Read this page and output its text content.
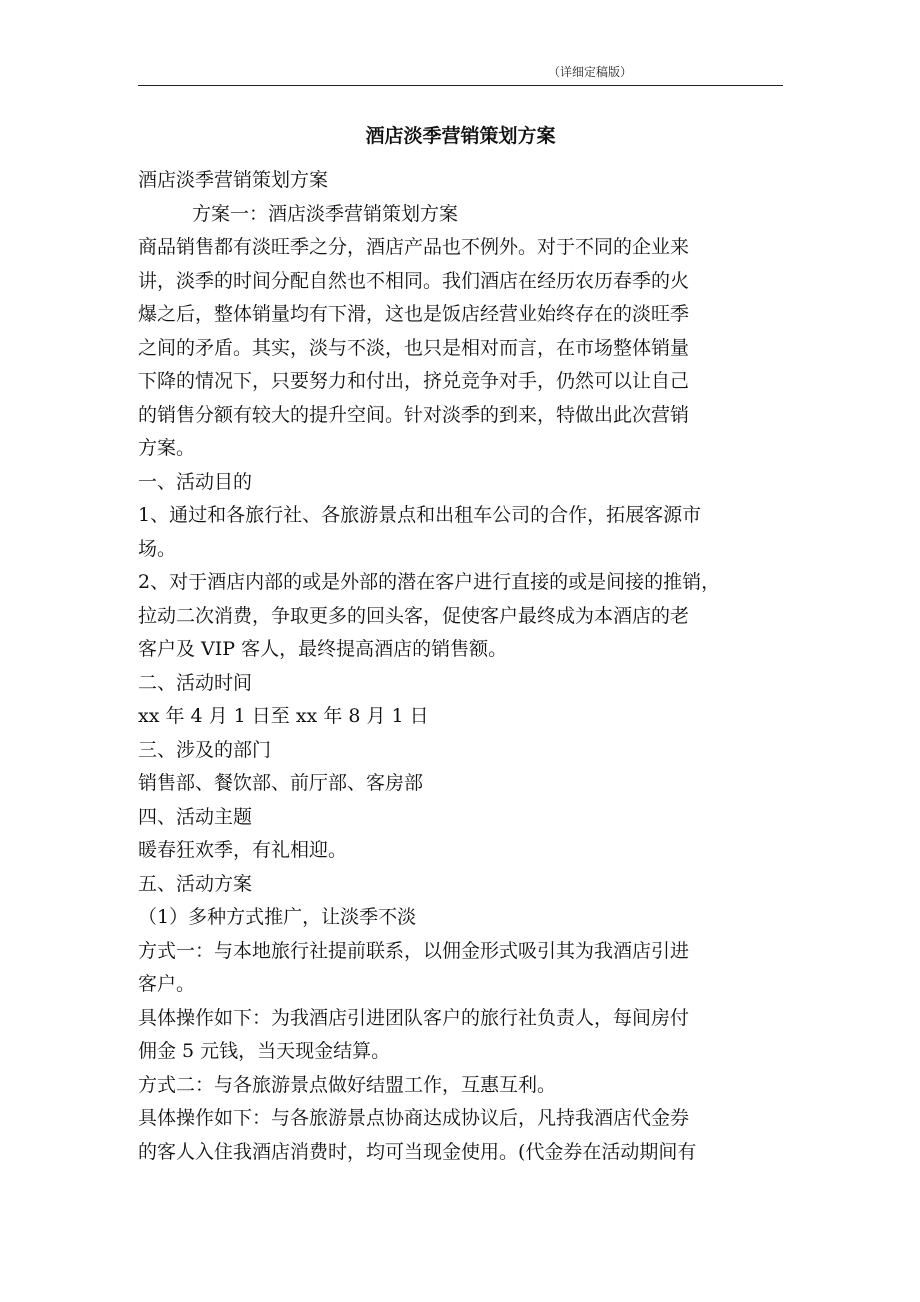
（详细定稿版）
酒店淡季营销策划方案

酒店淡季营销策划方案

方案一：酒店淡季营销策划方案

商品销售都有淡旺季之分，酒店产品也不例外。对于不同的企业来

讲，淡季的时间分配自然也不相同。我们酒店在经历农历春季的火

爆之后，整体销量均有下滑，这也是饭店经营业始终存在的淡旺季

之间的矛盾。其实，淡与不淡，也只是相对而言，在市场整体销量

下降的情况下，只要努力和付出，挤兑竞争对手，仍然可以让自己

的销售分额有较大的提升空间。针对淡季的到来，特做出此次营销

方案。

一、活动目的

1、通过和各旅行社、各旅游景点和出租车公司的合作，拓展客源市

场。

2、对于酒店内部的或是外部的潜在客户进行直接的或是间接的推销，

拉动二次消费，争取更多的回头客，促使客户最终成为本酒店的老

客户及 VIP 客人，最终提高酒店的销售额。

二、活动时间

xx 年 4 月 1 日至 xx 年 8 月 1 日

三、涉及的部门

销售部、餐饮部、前厅部、客房部

四、活动主题

暖春狂欢季，有礼相迎。

五、活动方案

（1）多种方式推广，让淡季不淡

方式一：与本地旅行社提前联系，以佣金形式吸引其为我酒店引进

客户。

具体操作如下：为我酒店引进团队客户的旅行社负责人，每间房付

佣金 5 元钱，当天现金结算。

方式二：与各旅游景点做好结盟工作，互惠互利。

具体操作如下：与各旅游景点协商达成协议后，凡持我酒店代金券

的客人入住我酒店消费时，均可当现金使用。(代金券在活动期间有
